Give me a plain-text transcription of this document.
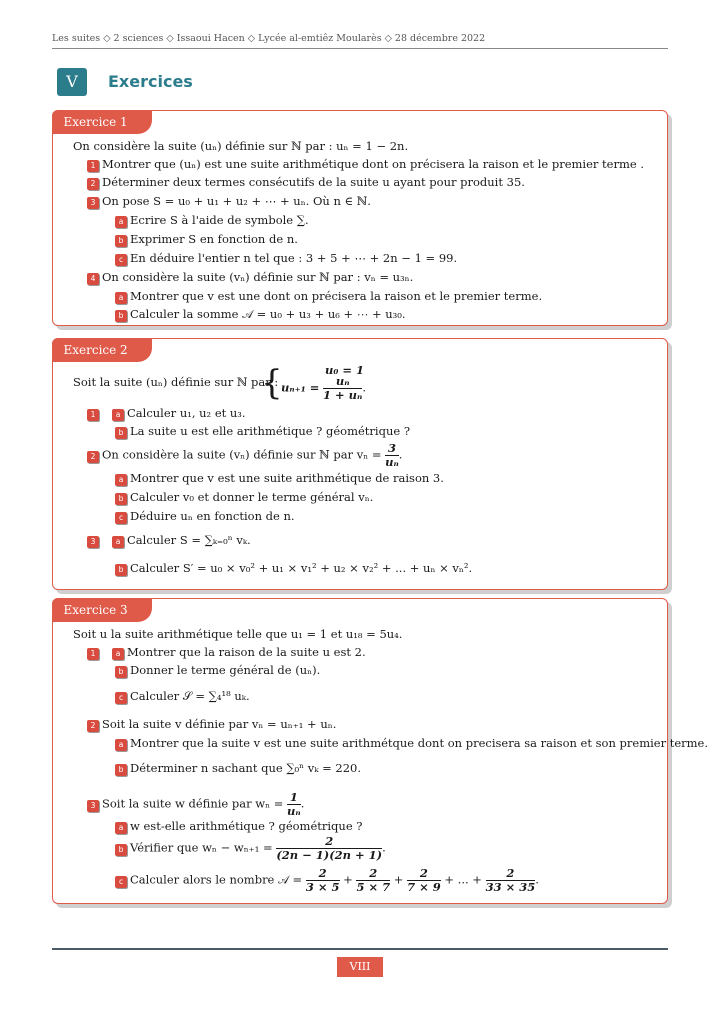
Les suites ◇ 2 sciences ◇ Issaoui Hacen ◇ Lycée al-emtiêz Moularès ◇ 28 décembre 2022
V	Exercices
Exercice 1
On considère la suite (uₙ) définie sur ℕ par : uₙ = 1 − 2n.
1 Montrer que (uₙ) est une suite arithmétique dont on précisera la raison et le premier terme .
2 Déterminer deux termes consécutifs de la suite u ayant pour produit 35.
3 On pose S = u₀ + u₁ + u₂ + ⋯ + uₙ. Où n ∈ ℕ.
a Ecrire S à l'aide de symbole ∑.
b Exprimer S en fonction de n.
c En déduire l'entier n tel que : 3 + 5 + ⋯ + 2n − 1 = 99.
4 On considère la suite (vₙ) définie sur ℕ par : vₙ = u₃ₙ.
a Montrer que v est une dont on précisera la raison et le premier terme.
b Calculer la somme 𝒜 = u₀ + u₃ + u₆ + ⋯ + u₃₀.
Exercice 2
Soit la suite (uₙ) définie sur ℕ par :
{	u₀ = 1
$u_{n+1} = \frac{\text{uₙ}}{\text{1 + uₙ}}$ .
1	a Calculer u₁, u₂ et u₃.
b La suite u est elle arithmétique ? géométrique ?
2 On considère la suite (vₙ) définie sur ℕ par $v_n = \frac{3}{\text{uₙ}}$ .
a Montrer que v est une suite arithmétique de raison 3.
b Calculer v₀ et donner le terme général vₙ.
c Déduire uₙ en fonction de n.
3	a Calculer S = ∑ₖ₌₀ⁿ vₖ.
b Calculer S′ = u₀ × v₀² + u₁ × v₁² + u₂ × v₂² + ... + uₙ × vₙ².
Exercice 3
Soit u la suite arithmétique telle que u₁ = 1 et u₁₈ = 5u₄.
1	a Montrer que la raison de la suite u est 2.
b Donner le terme général de (uₙ).
c Calculer 𝒮 = ∑₄¹⁸ uₖ.
2 Soit la suite v définie par vₙ = uₙ₊₁ + uₙ.
a Montrer que la suite v est une suite arithmétque dont on precisera sa raison et son premier terme.
b Déterminer n sachant que ∑₀ⁿ vₖ = 220.
3 Soit la suite w définie par $w_n = \frac{1}{\text{uₙ}}$ .
a w est-elle arithmétique ? géométrique ?
b Vérifier que $w_n - w_{n+1} = \frac{2}{(2n - 1)(2n + 1)}$ .
c Calculer alors le nombre 𝒜 = $\frac{2}{3 \times 5} + \frac{2}{5 \times 7} + \frac{2}{7 \times 9}$ + ... + $\frac{2}{33 \times 35}$ .
VIII
